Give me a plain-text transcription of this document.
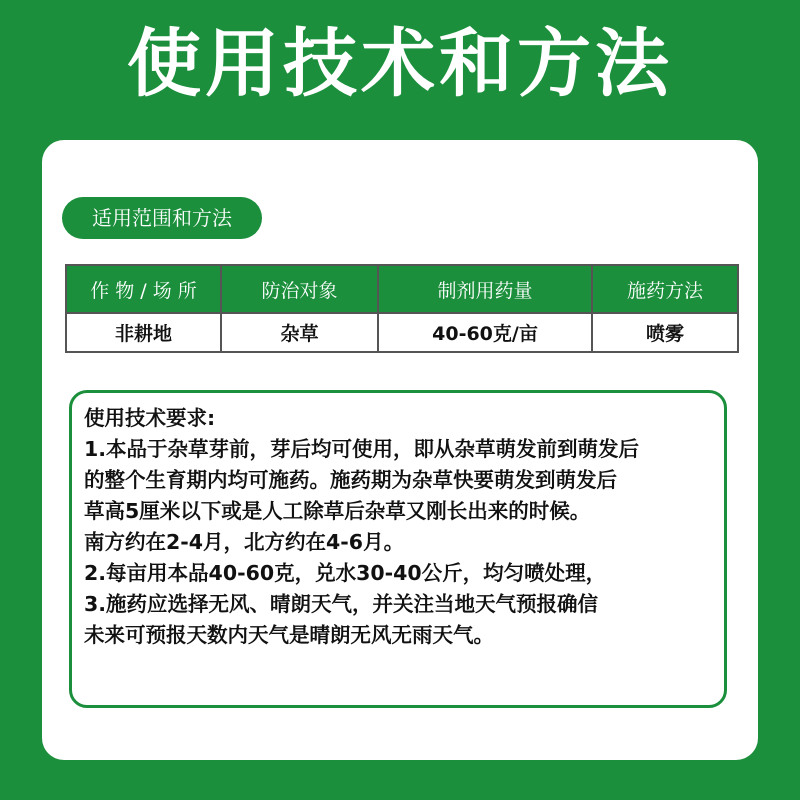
使用技术和方法
适用范围和方法
作 物 / 场 所	防治对象	制剂用药量	施药方法
非耕地	杂草	40-60克/亩	喷雾
使用技术要求:
1.本品于杂草芽前，芽后均可使用，即从杂草萌发前到萌发后
的整个生育期内均可施药。施药期为杂草快要萌发到萌发后
草高5厘米以下或是人工除草后杂草又刚长出来的时候。
南方约在2-4月，北方约在4-6月。
2.每亩用本品40-60克，兑水30-40公斤，均匀喷处理，
3.施药应选择无风、晴朗天气，并关注当地天气预报确信
未来可预报天数内天气是晴朗无风无雨天气。
